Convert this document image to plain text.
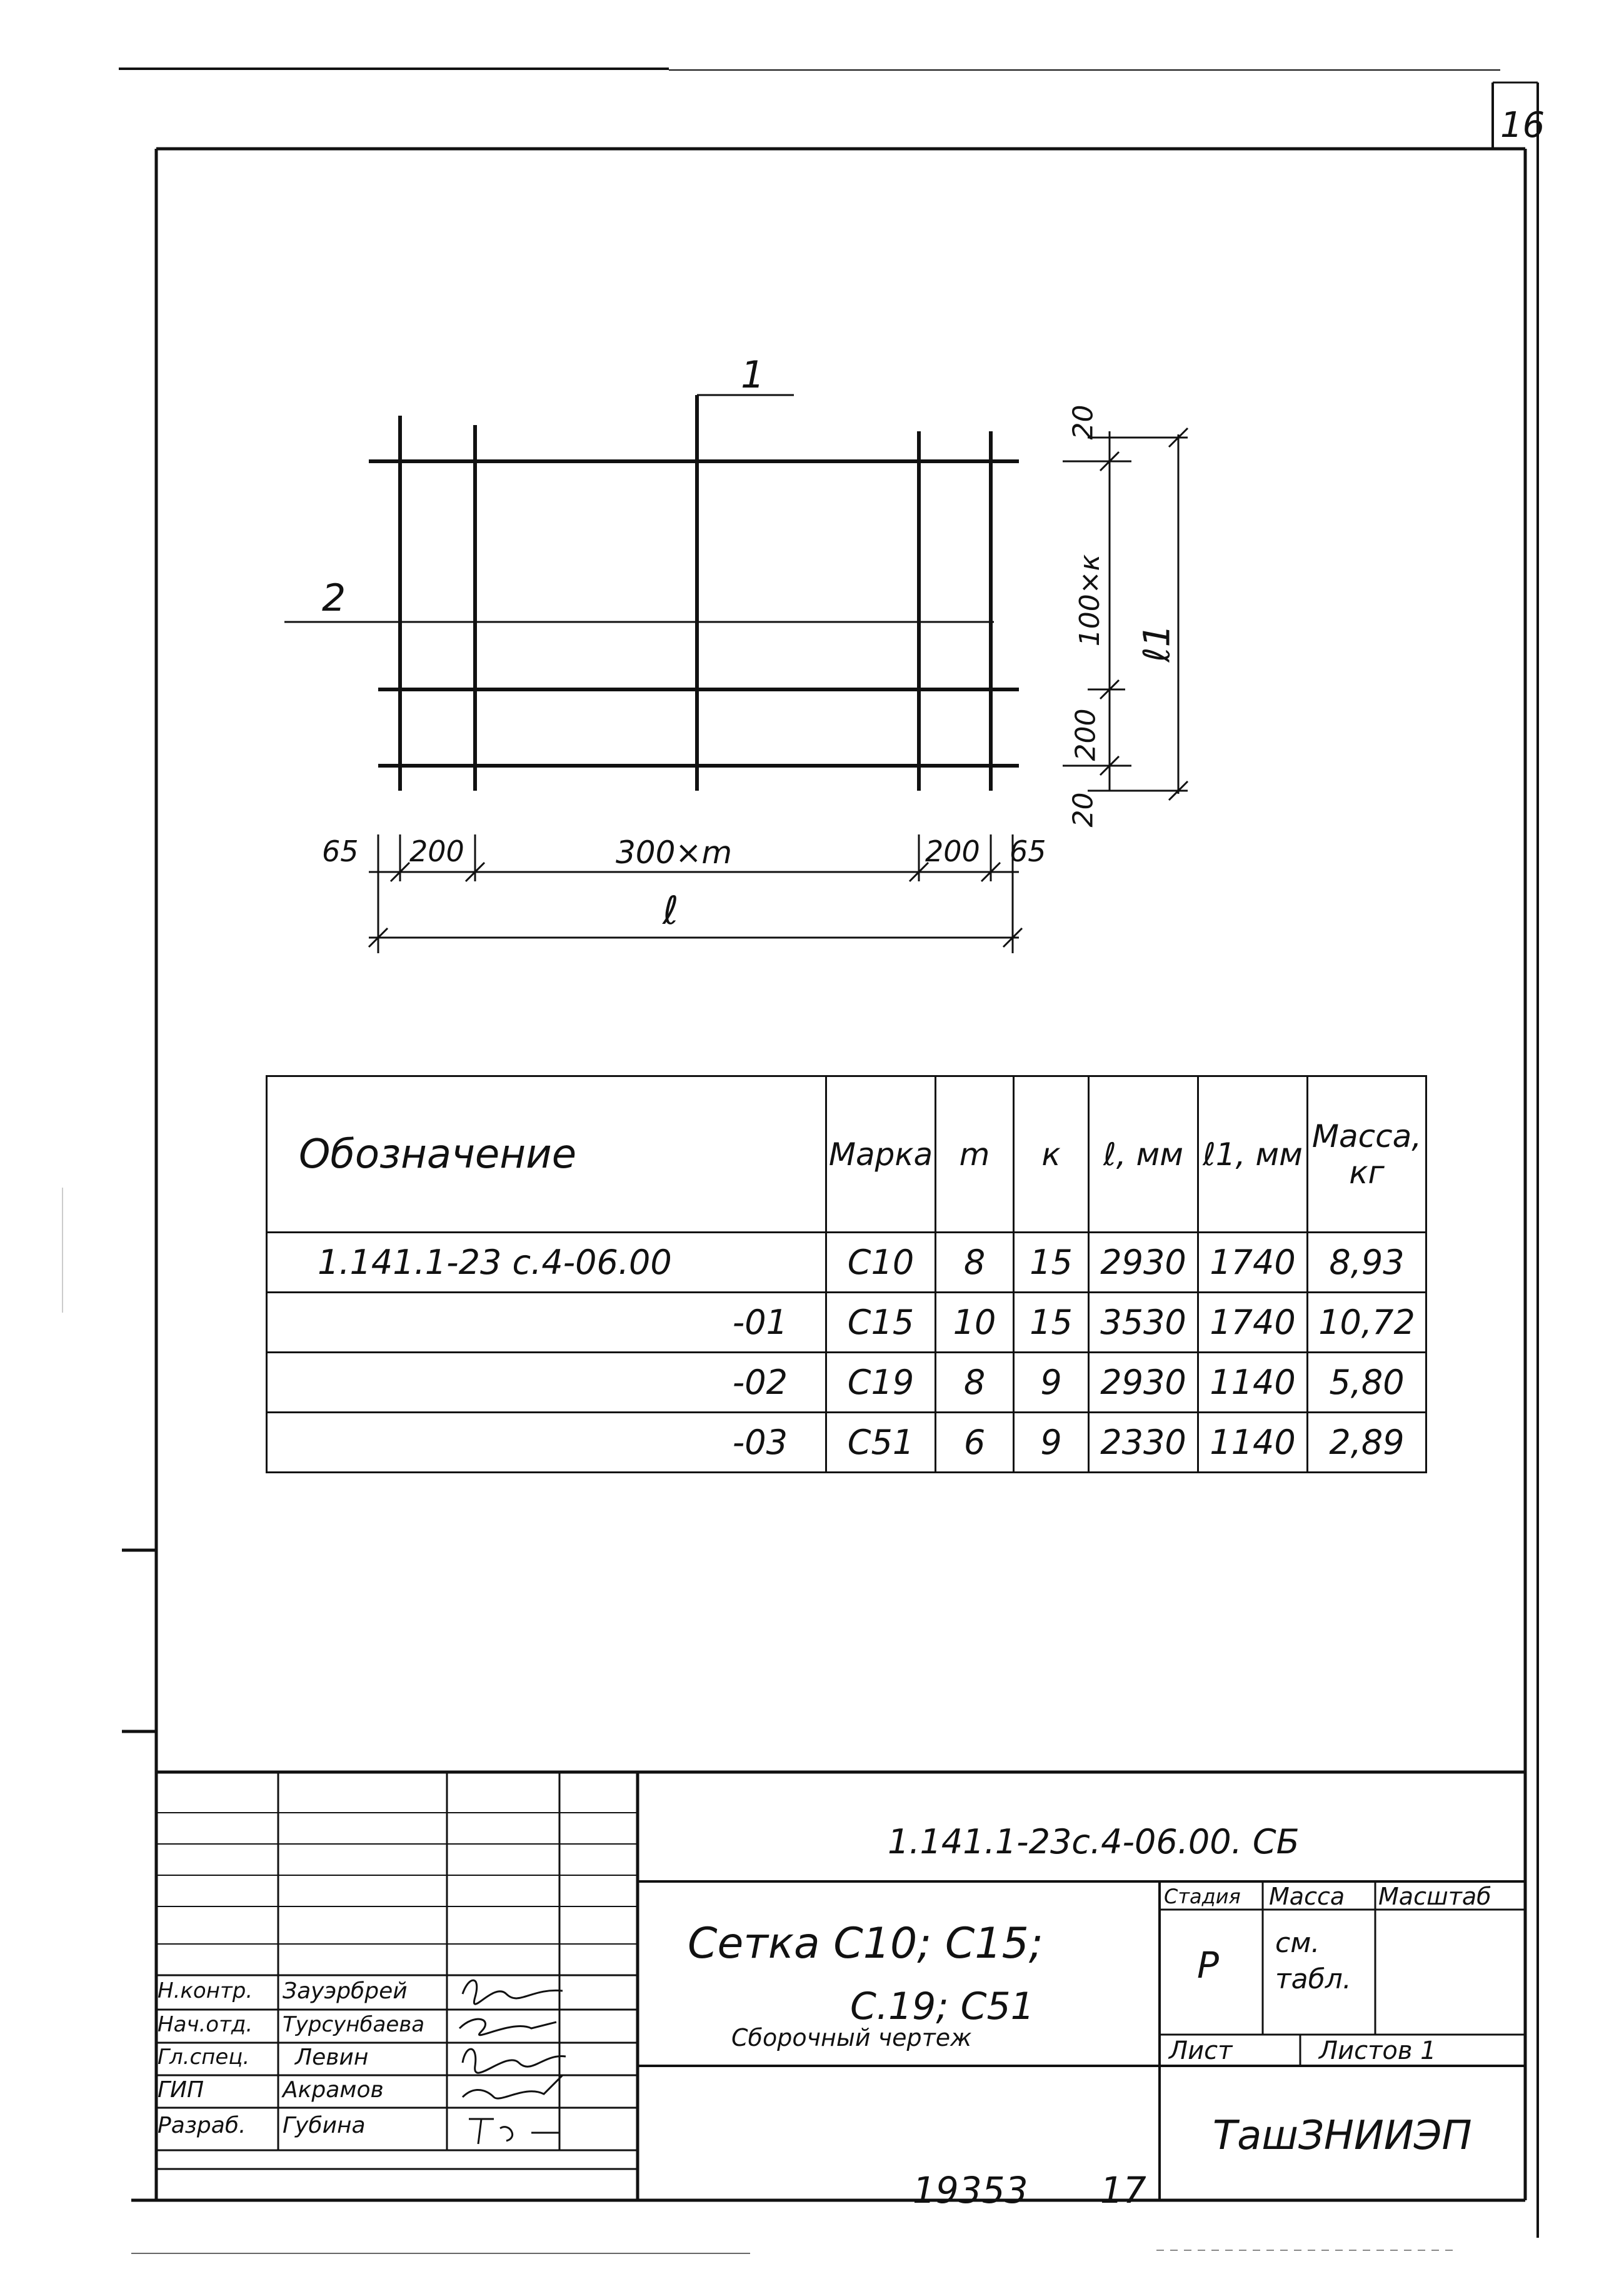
16
1
2
20
100×к
200
20
ℓ1
65 200	300×m	200 65
ℓ
Обозначение	Марка	m	к	ℓ, мм	ℓ1, мм	Масса, кг
1.141.1-23 с.4-06.00	С10	8	15	2930	1740	8,93
-01	С15	10	15	3530	1740	10,72
-02	С19	8	9	2930	1140	5,80
-03	С51	6	9	2330	1140	2,89
1.141.1-23с.4-06.00. СБ
Сетка С10; С15;
С.19; С51
Сборочный чертеж
Стадия Масса Масштаб
Р
см. табл.
Лист	Листов 1
ТашЗНИИЭП
Н.контр. Зауэрбрей
Нач.отд. Турсунбаева
Гл.спец. Левин
ГИП	Акрамов
Разраб. Губина
19353 17
